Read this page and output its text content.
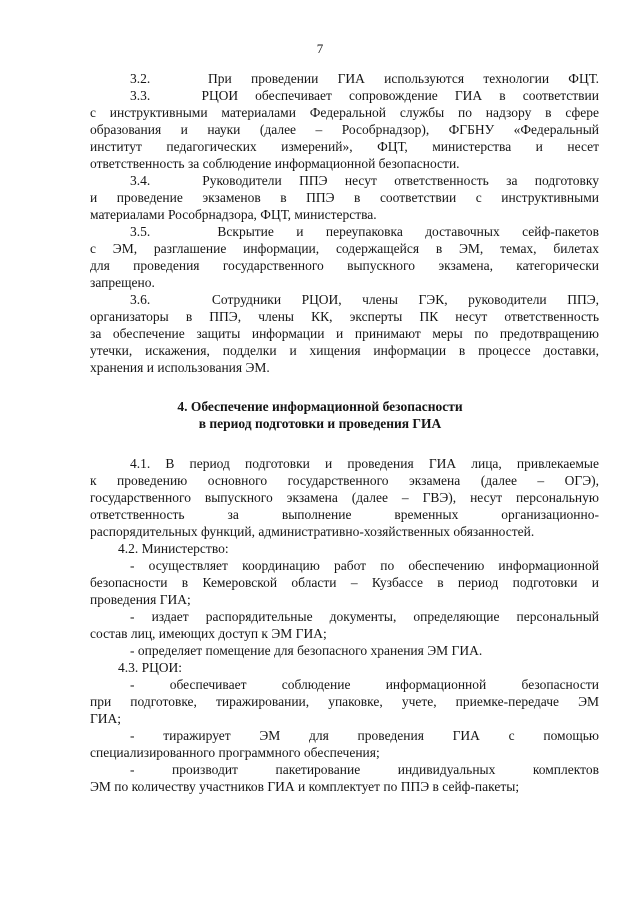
7
3.2.   При проведении ГИА используются технологии ФЦТ.
3.3.   РЦОИ обеспечивает сопровождение ГИА в соответствии
с инструктивными материалами Федеральной службы по надзору в сфере
образования и науки (далее – Рособрнадзор), ФГБНУ «Федеральный
институт педагогических измерений», ФЦТ, министерства и несет
ответственность за соблюдение информационной безопасности.
3.4.   Руководители ППЭ несут ответственность за подготовку
и проведение экзаменов в ППЭ в соответствии с инструктивными
материалами Рособрнадзора, ФЦТ, министерства.
3.5.   Вскрытие и переупаковка доставочных сейф-пакетов
с ЭМ, разглашение информации, содержащейся в ЭМ, темах, билетах
для проведения государственного выпускного экзамена, категорически
запрещено.
3.6.   Сотрудники РЦОИ, члены ГЭК, руководители ППЭ,
организаторы в ППЭ, члены КК, эксперты ПК несут ответственность
за обеспечение защиты информации и принимают меры по предотвращению
утечки, искажения, подделки и хищения информации в процессе доставки,
хранения и использования ЭМ.
4. Обеспечение информационной безопасности
в период подготовки и проведения ГИА
4.1. В период подготовки и проведения ГИА лица, привлекаемые
к проведению основного государственного экзамена (далее – ОГЭ),
государственного выпускного экзамена (далее – ГВЭ), несут персональную
ответственность за выполнение временных организационно-
распорядительных функций, административно-хозяйственных обязанностей.
4.2. Министерство:
- осуществляет координацию работ по обеспечению информационной
безопасности в Кемеровской области – Кузбассе в период подготовки и
проведения ГИА;
- издает распорядительные документы, определяющие персональный
состав лиц, имеющих доступ к ЭМ ГИА;
- определяет помещение для безопасного хранения ЭМ ГИА.
4.3. РЦОИ:
- обеспечивает соблюдение информационной безопасности
при подготовке, тиражировании, упаковке, учете, приемке-передаче ЭМ
ГИА;
- тиражирует ЭМ для проведения ГИА с помощью
специализированного программного обеспечения;
- производит пакетирование индивидуальных комплектов
ЭМ по количеству участников ГИА и комплектует по ППЭ в сейф-пакеты;
